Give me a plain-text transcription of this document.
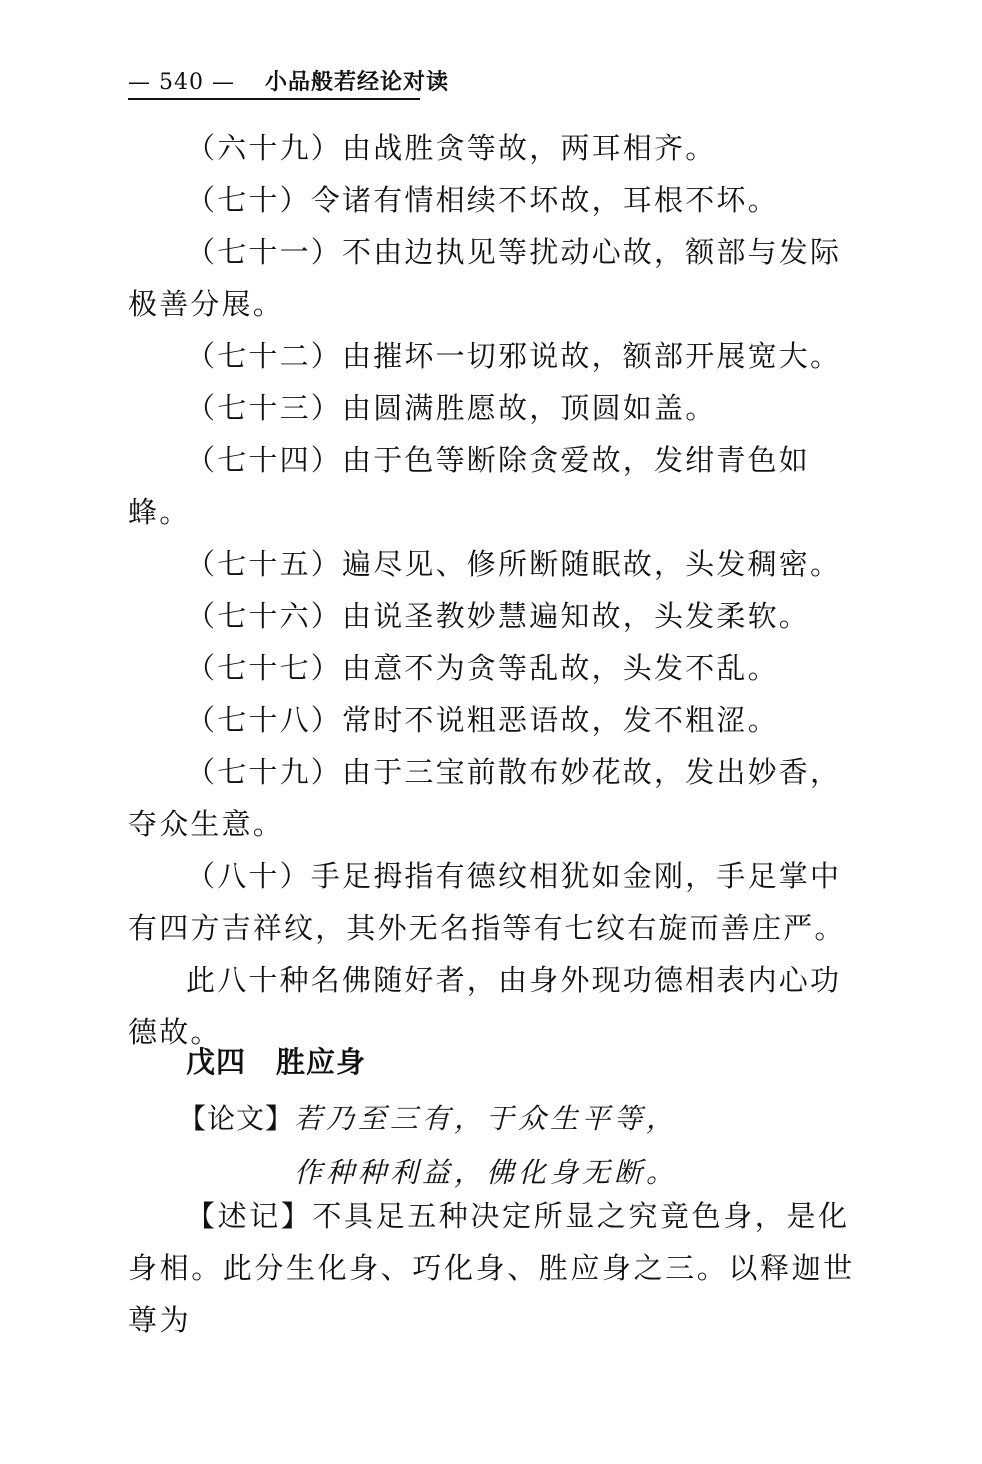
— 540 — 小品般若经论对读

（六十九）由战胜贪等故，两耳相齐。

（七十）令诸有情相续不坏故，耳根不坏。

（七十一）不由边执见等扰动心故，额部与发际极善分展。

（七十二）由摧坏一切邪说故，额部开展宽大。

（七十三）由圆满胜愿故，顶圆如盖。

（七十四）由于色等断除贪爱故，发绀青色如蜂。

（七十五）遍尽见、修所断随眠故，头发稠密。

（七十六）由说圣教妙慧遍知故，头发柔软。

（七十七）由意不为贪等乱故，头发不乱。

（七十八）常时不说粗恶语故，发不粗涩。

（七十九）由于三宝前散布妙花故，发出妙香，夺众生意。

（八十）手足拇指有德纹相犹如金刚，手足掌中有四方吉祥纹，其外无名指等有七纹右旋而善庄严。

此八十种名佛随好者，由身外现功德相表内心功德故。

戊四 胜应身
【论文】若乃至三有，于众生平等，
作种种利益，佛化身无断。

【述记】不具足五种决定所显之究竟色身，是化身相。此分生化身、巧化身、胜应身之三。以释迦世尊为
